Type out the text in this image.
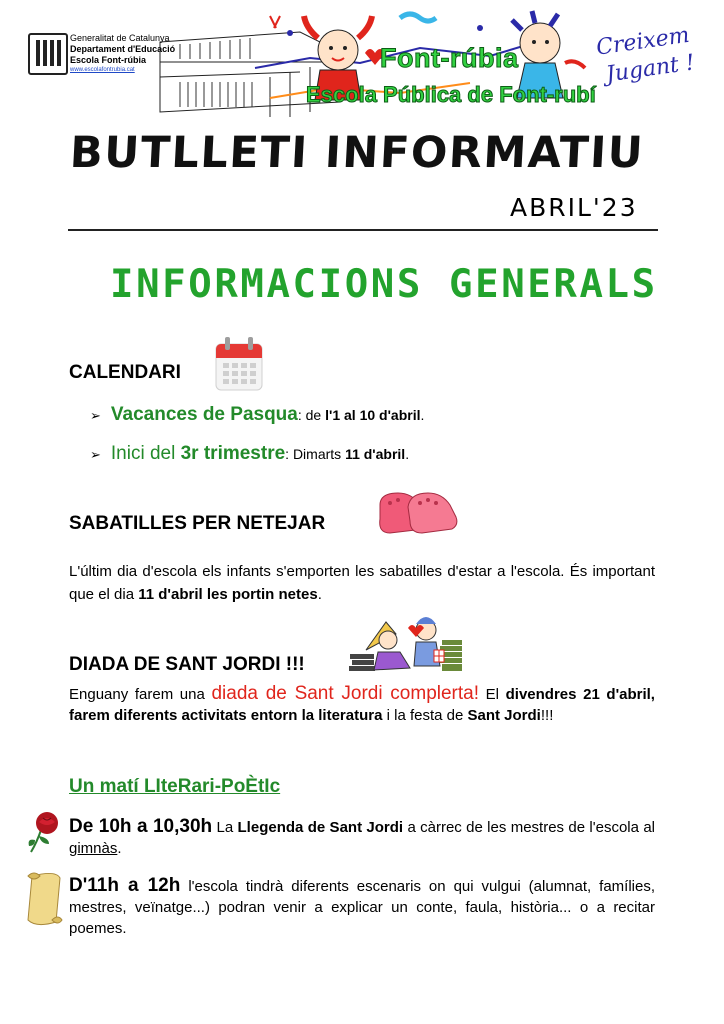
Generalitat de Catalunya
Departament d'Educació
Escola Font-rúbia
www.escolafontrubia.cat	Font-rúbia
Escola Pública de Font-rubí
Creixem
Jugant !
BUTLLETI INFORMATIU
ABRIL'23
INFORMACIONS GENERALS
CALENDARI
➢ Vacances de Pasqua: de l'1 al 10 d'abril.
➢ Inici del 3r trimestre: Dimarts 11 d'abril.
SABATILLES PER NETEJAR
L'últim dia d'escola els infants s'emporten les sabatilles d'estar a l'escola. És important que el dia 11 d'abril les portin netes.
DIADA DE SANT JORDI !!!
Enguany farem una diada de Sant Jordi complerta! El divendres 21 d'abril, farem diferents activitats entorn la literatura i la festa de Sant Jordi!!!
Un matí LIteRari-PoÈtIc
De 10h a 10,30h La Llegenda de Sant Jordi a càrrec de les mestres de l'escola al gimnàs.
D'11h a 12h l'escola tindrà diferents escenaris on qui vulgui (alumnat, famílies, mestres, veïnatge...) podran venir a explicar un conte, faula, història... o a recitar poemes.
